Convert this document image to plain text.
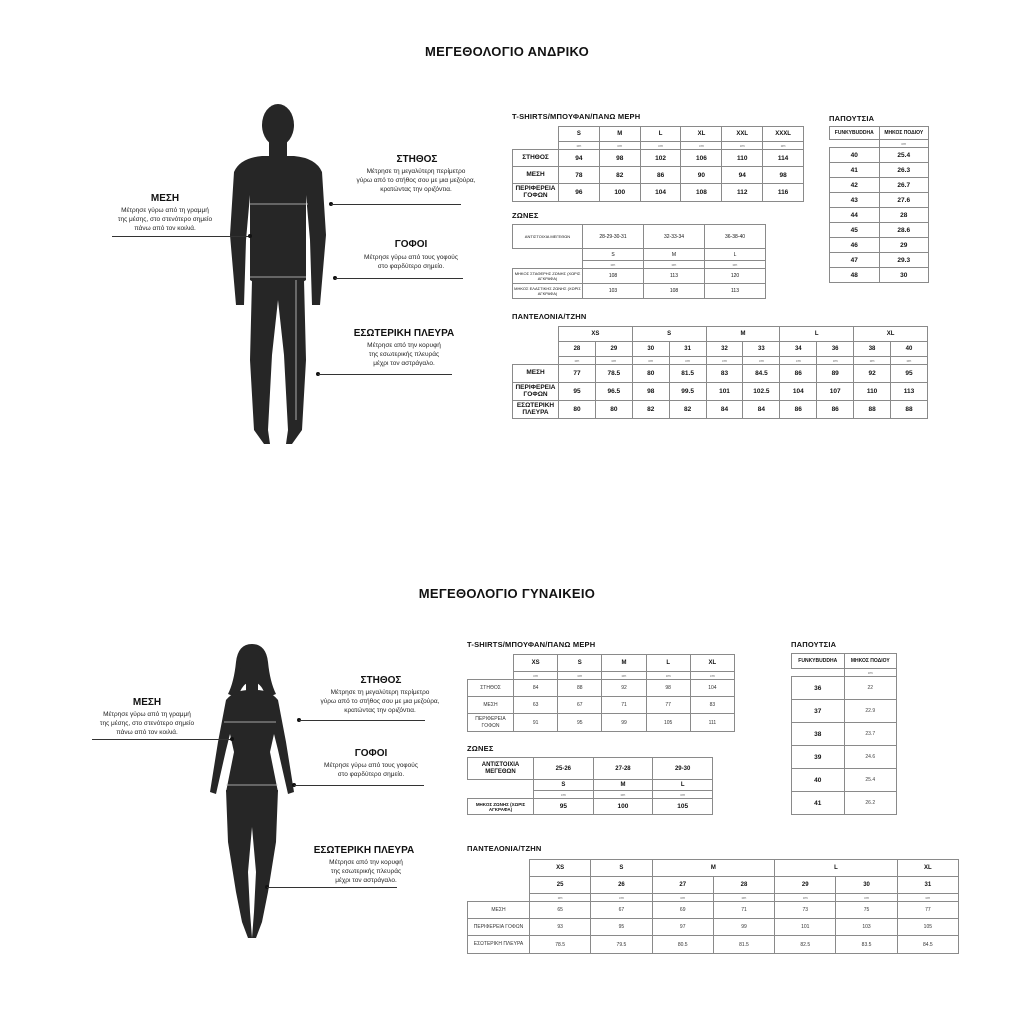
ΜΕΓΕΘΟΛΟΓΙΟ ΑΝΔΡΙΚΟ
ΜΕΣΗ
Μέτρησε γύρω από τη γραμμή
της μέσης, στο στενότερο σημείο
πάνω από τον κοιλιά.
ΣΤΗΘΟΣ
Μέτρησε τη μεγαλύτερη περίμετρο
γύρω από το στήθος σου με μια μεζούρα,
κρατώντας την οριζόντια.
ΓΟΦΟΙ
Μέτρησε γύρω από τους γοφούς
στο φαρδύτερο σημείο.
ΕΣΩΤΕΡΙΚΗ ΠΛΕΥΡΑ
Μέτρησε από την κορυφή
της εσωτερικής πλευράς
μέχρι τον αστράγαλο.
T-SHIRTS/ΜΠΟΥΦΑΝ/ΠΑΝΩ ΜΕΡΗ
	S	M	L	XL	XXL	XXXL
	cm	cm	cm	cm	cm	cm
ΣΤΗΘΟΣ	94	98	102	106	110	114
ΜΕΣΗ	78	82	86	90	94	98
ΠΕΡΙΦΕΡΕΙΑ ΓΟΦΩΝ	96	100	104	108	112	116
ΖΩΝΕΣ
ΑΝΤΙΣΤΟΙΧΙΑ ΜΕΓΕΘΩΝ	28-29-30-31	32-33-34	36-38-40
	S	M	L
	cm	cm	cm
ΜΗΚΟΣ ΣΤΑΘΕΡΗΣ ΖΩΝΗΣ (ΧΩΡΙΣ ΑΓΚΡΑΦΑ)	108	113	120
ΜΗΚΟΣ ΕΛΑΣΤΙΚΗΣ ΖΩΝΗΣ (ΧΩΡΙΣ ΑΓΚΡΑΦΑ)	103	108	113
ΠΑΠΟΥΤΣΙΑ
FUNKYBUDDHA	ΜΗΚΟΣ ΠΟΔΙΟΥ
	cm
40	25.4
41	26.3
42	26.7
43	27.6
44	28
45	28.6
46	29
47	29.3
48	30
ΠΑΝΤΕΛΟΝΙΑ/ΤΖΗΝ
	XS		S		M		L		XL	
	28	29	30	31	32	33	34	36	38	40
	cm	cm	cm	cm	cm	cm	cm	cm	cm	cm
ΜΕΣΗ	77	78.5	80	81.5	83	84.5	86	89	92	95
ΠΕΡΙΦΕΡΕΙΑ ΓΟΦΩΝ	95	96.5	98	99.5	101	102.5	104	107	110	113
ΕΣΩΤΕΡΙΚΗ ΠΛΕΥΡΑ	80	80	82	82	84	84	86	86	88	88
ΜΕΓΕΘΟΛΟΓΙΟ ΓΥΝΑΙΚΕΙΟ
ΜΕΣΗ
Μέτρησε γύρω από τη γραμμή
της μέσης, στο στενότερο σημείο
πάνω από τον κοιλιά.
ΣΤΗΘΟΣ
Μέτρησε τη μεγαλύτερη περίμετρο
γύρω από το στήθος σου με μια μεζούρα,
κρατώντας την οριζόντια.
ΓΟΦΟΙ
Μέτρησε γύρω από τους γοφούς
στο φαρδύτερο σημείο.
ΕΣΩΤΕΡΙΚΗ ΠΛΕΥΡΑ
Μέτρησε από την κορυφή
της εσωτερικής πλευράς
μέχρι τον αστράγαλο.
T-SHIRTS/ΜΠΟΥΦΑΝ/ΠΑΝΩ ΜΕΡΗ
	XS	S	M	L	XL
	cm	cm	cm	cm	cm
ΣΤΗΘΟΣ	84	88	92	98	104
ΜΕΣΗ	63	67	71	77	83
ΠΕΡΙΦΕΡΕΙΑ ΓΟΦΩΝ	91	95	99	105	111
ΖΩΝΕΣ
ΑΝΤΙΣΤΟΙΧΙΑ ΜΕΓΕΘΩΝ	25-26	27-28	29-30
	S	M	L
	cm	cm	cm
ΜΗΚΟΣ ΖΩΝΗΣ (ΧΩΡΙΣ ΑΓΚΡΑΦΑ)	95	100	105
ΠΑΠΟΥΤΣΙΑ
FUNKYBUDDHA	ΜΗΚΟΣ ΠΟΔΙΟΥ
	cm
36	22
37	22.9
38	23.7
39	24.6
40	25.4
41	26.2
ΠΑΝΤΕΛΟΝΙΑ/ΤΖΗΝ
	XS	S	M		L		XL
	25	26	27	28	29	30	31
	cm	cm	cm	cm	cm	cm	cm
ΜΕΣΗ	65	67	69	71	73	75	77
ΠΕΡΙΦΕΡΕΙΑ ΓΟΦΩΝ	93	95	97	99	101	103	105
ΕΣΩΤΕΡΙΚΗ ΠΛΕΥΡΑ	78.5	79.5	80.5	81.5	82.5	83.5	84.5
